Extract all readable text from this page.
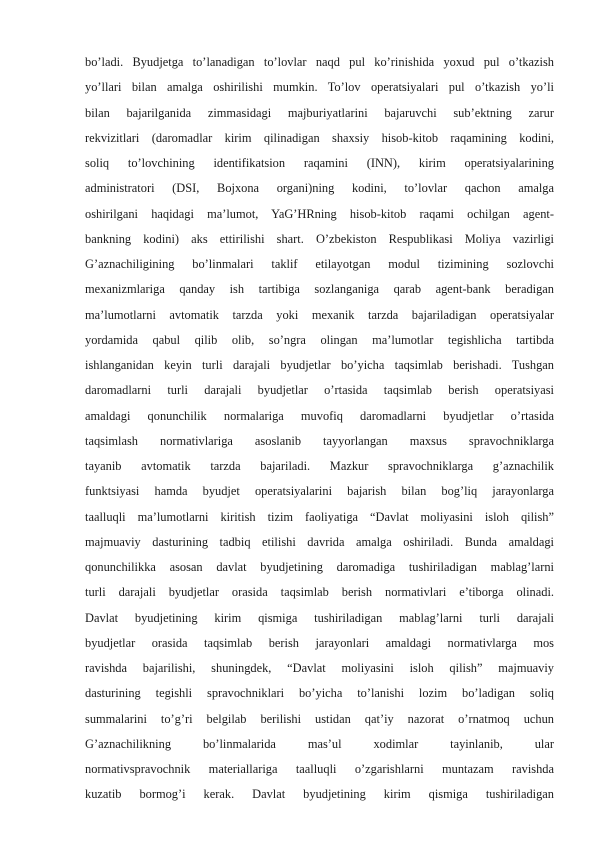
bo’ladi. Byudjetga to’lanadigan to’lovlar naqd pul ko’rinishida yoxud pul o’tkazish
yo’llari bilan amalga oshirilishi mumkin. To’lov operatsiyalari pul o’tkazish yo’li
bilan bajarilganida zimmasidagi majburiyatlarini bajaruvchi sub’ektning zarur
rekvizitlari (daromadlar kirim qilinadigan shaxsiy hisob-kitob raqamining kodini,
soliq to’lovchining identifikatsion raqamini (INN), kirim operatsiyalarining
administratori (DSI, Bojxona organi)ning kodini, to’lovlar qachon amalga
oshirilgani haqidagi ma’lumot, YaG’HRning hisob-kitob raqami ochilgan agent-
bankning kodini) aks ettirilishi shart. O’zbekiston Respublikasi Moliya vazirligi
G’aznachiligining bo’linmalari taklif etilayotgan modul tizimining sozlovchi
mexanizmlariga qanday ish tartibiga sozlanganiga qarab agent-bank beradigan
ma’lumotlarni avtomatik tarzda yoki mexanik tarzda bajariladigan operatsiyalar
yordamida qabul qilib olib, so’ngra olingan ma’lumotlar tegishlicha tartibda
ishlanganidan keyin turli darajali byudjetlar bo’yicha taqsimlab berishadi. Tushgan
daromadlarni turli darajali byudjetlar o’rtasida taqsimlab berish operatsiyasi
amaldagi qonunchilik normalariga muvofiq daromadlarni byudjetlar o’rtasida
taqsimlash normativlariga asoslanib tayyorlangan maxsus spravochniklarga
tayanib avtomatik tarzda bajariladi. Mazkur spravochniklarga g’aznachilik
funktsiyasi hamda byudjet operatsiyalarini bajarish bilan bog’liq jarayonlarga
taalluqli ma’lumotlarni kiritish tizim faoliyatiga “Davlat moliyasini isloh qilish”
majmuaviy dasturining tadbiq etilishi davrida amalga oshiriladi. Bunda amaldagi
qonunchilikka asosan davlat byudjetining daromadiga tushiriladigan mablag’larni
turli darajali byudjetlar orasida taqsimlab berish normativlari e’tiborga olinadi.
Davlat byudjetining kirim qismiga tushiriladigan mablag’larni turli darajali
byudjetlar orasida taqsimlab berish jarayonlari amaldagi normativlarga mos
ravishda bajarilishi, shuningdek, “Davlat moliyasini isloh qilish” majmuaviy
dasturining tegishli spravochniklari bo’yicha to’lanishi lozim bo’ladigan soliq
summalarini to’g’ri belgilab berilishi ustidan qat’iy nazorat o’rnatmoq uchun
G’aznachilikning bo’linmalarida mas’ul xodimlar tayinlanib, ular
normativspravochnik materiallariga taalluqli o’zgarishlarni muntazam ravishda
kuzatib bormog’i kerak. Davlat byudjetining kirim qismiga tushiriladigan
